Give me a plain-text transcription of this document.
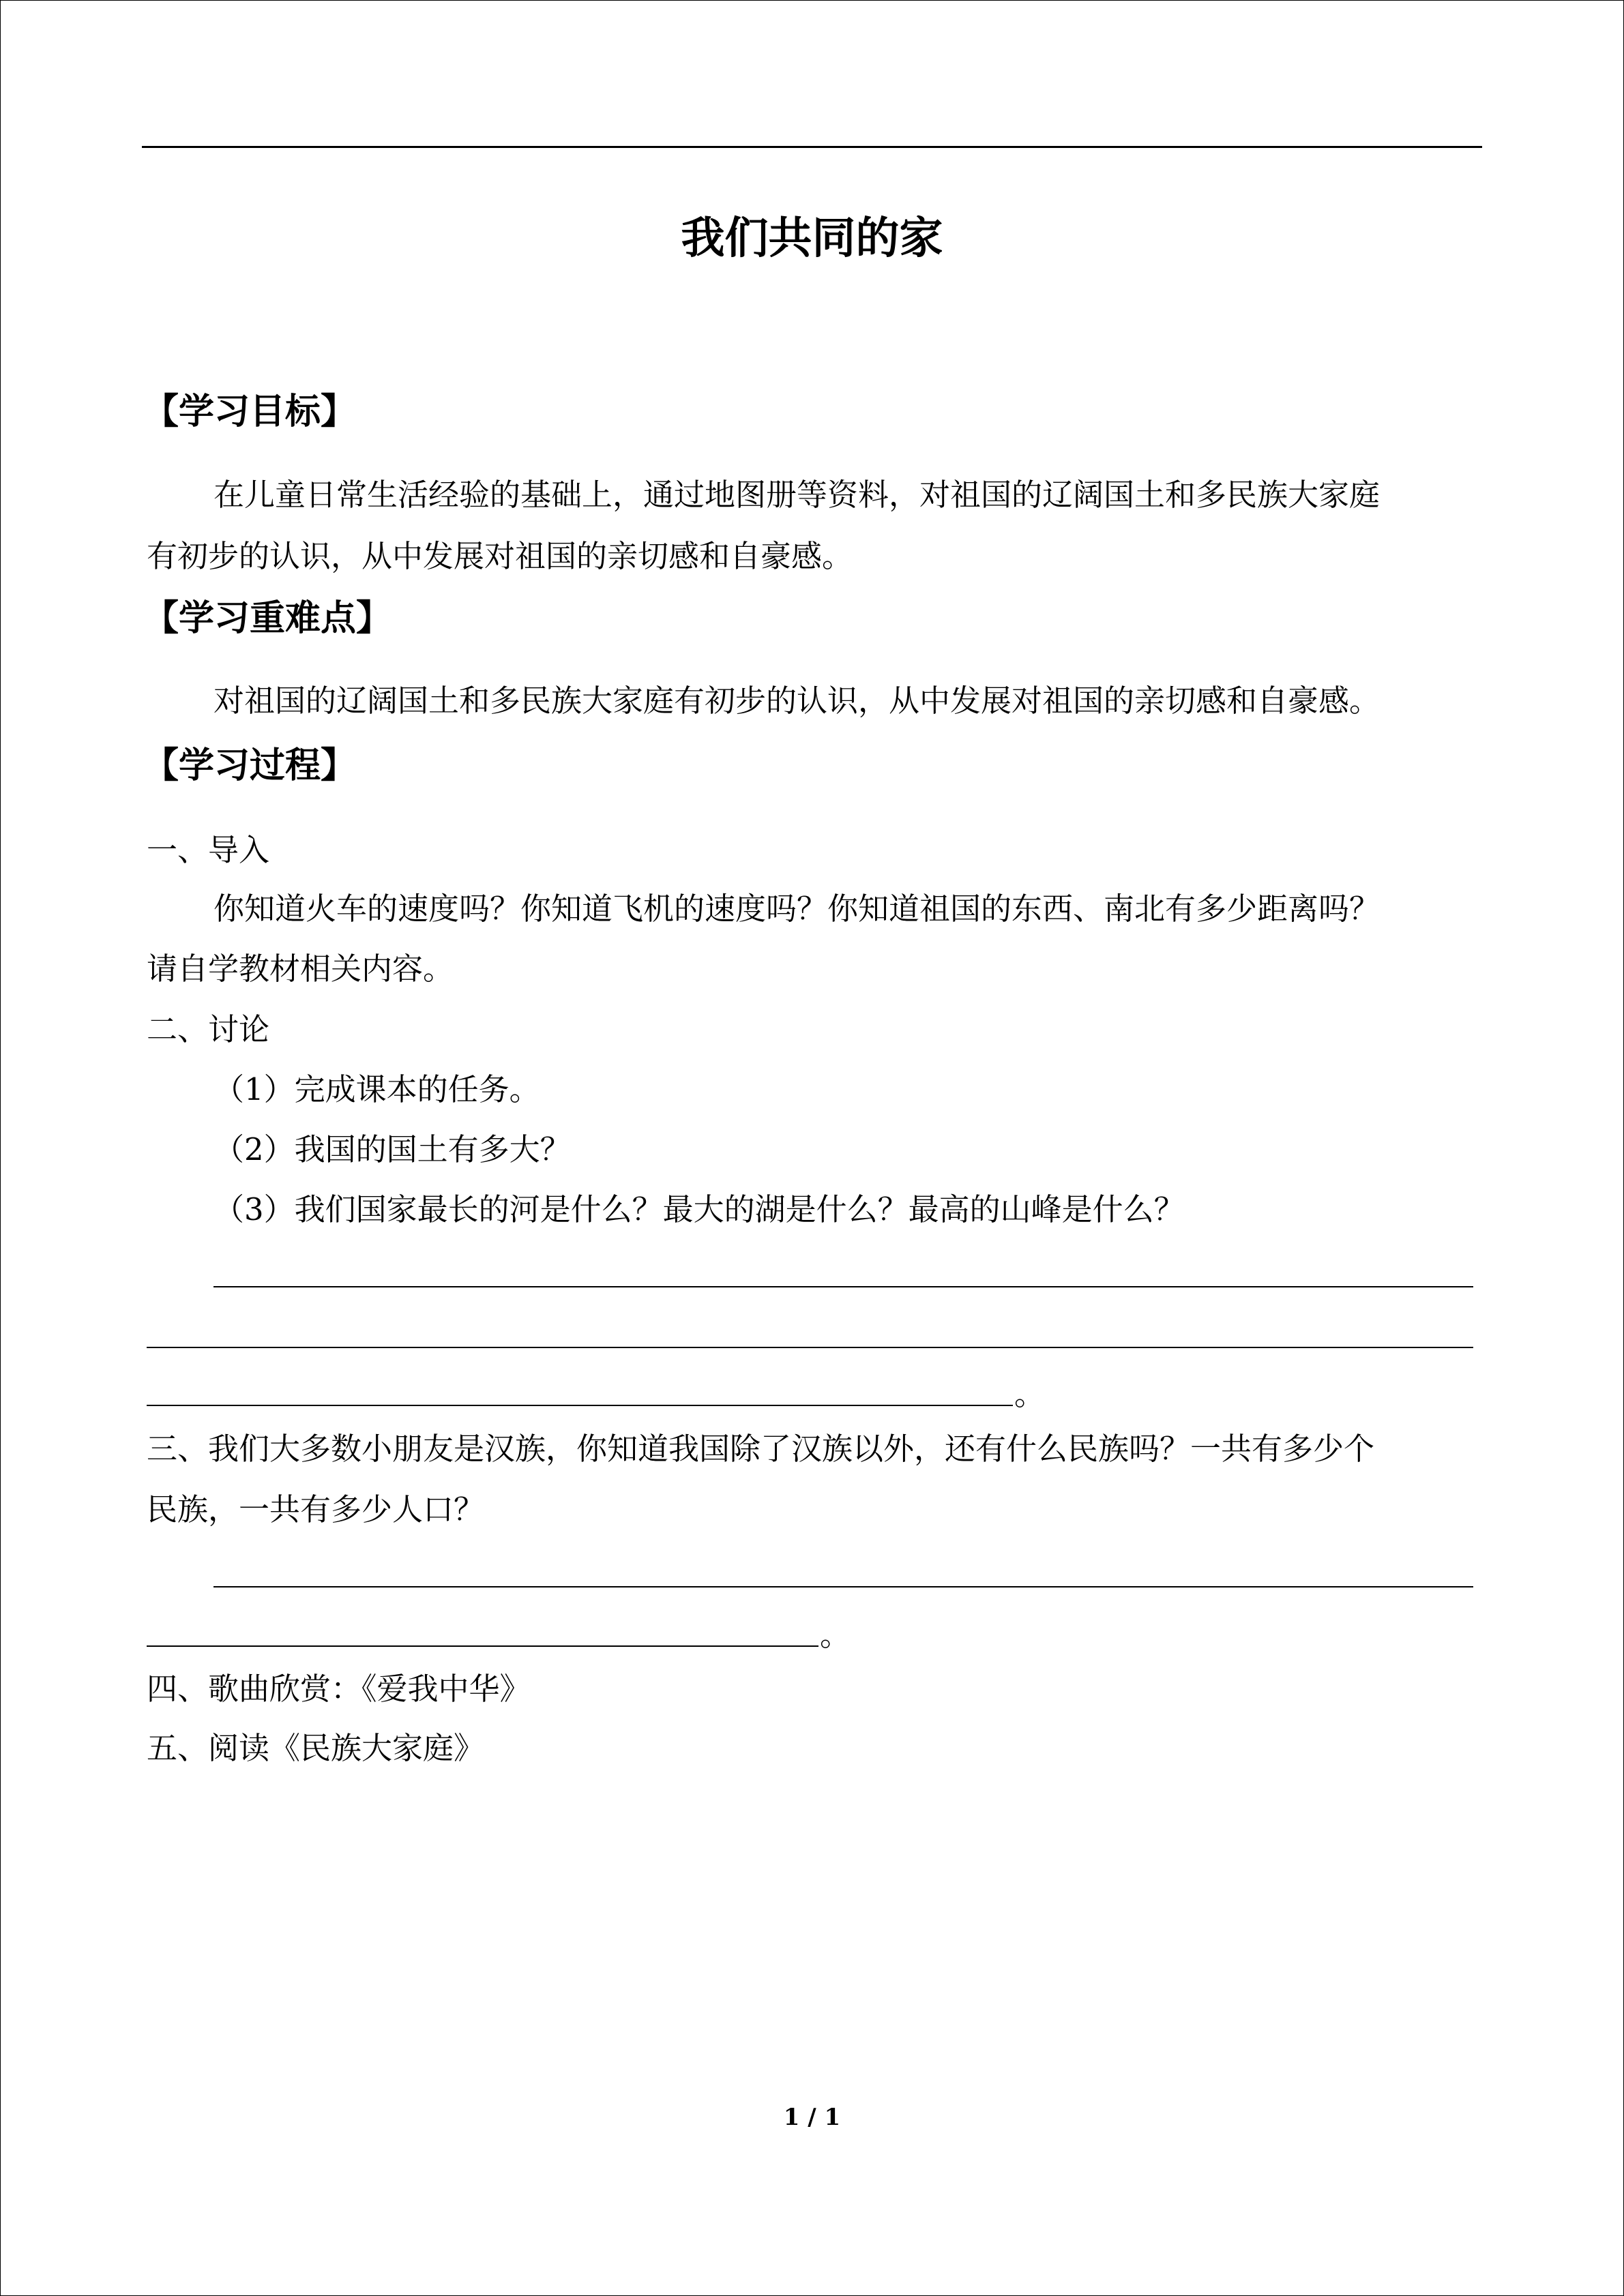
我们共同的家
【学习目标】
在儿童日常生活经验的基础上，通过地图册等资料，对祖国的辽阔国土和多民族大家庭
有初步的认识，从中发展对祖国的亲切感和自豪感。
【学习重难点】
对祖国的辽阔国土和多民族大家庭有初步的认识，从中发展对祖国的亲切感和自豪感。
【学习过程】
一、导入
你知道火车的速度吗？你知道飞机的速度吗？你知道祖国的东西、南北有多少距离吗？
请自学教材相关内容。
二、讨论
（1）完成课本的任务。
（2）我国的国土有多大？
（3）我们国家最长的河是什么？最大的湖是什么？最高的山峰是什么？
。
三、我们大多数小朋友是汉族，你知道我国除了汉族以外，还有什么民族吗？一共有多少个
民族，一共有多少人口？
。
四、歌曲欣赏：《爱我中华》
五、阅读《民族大家庭》
1 / 1
